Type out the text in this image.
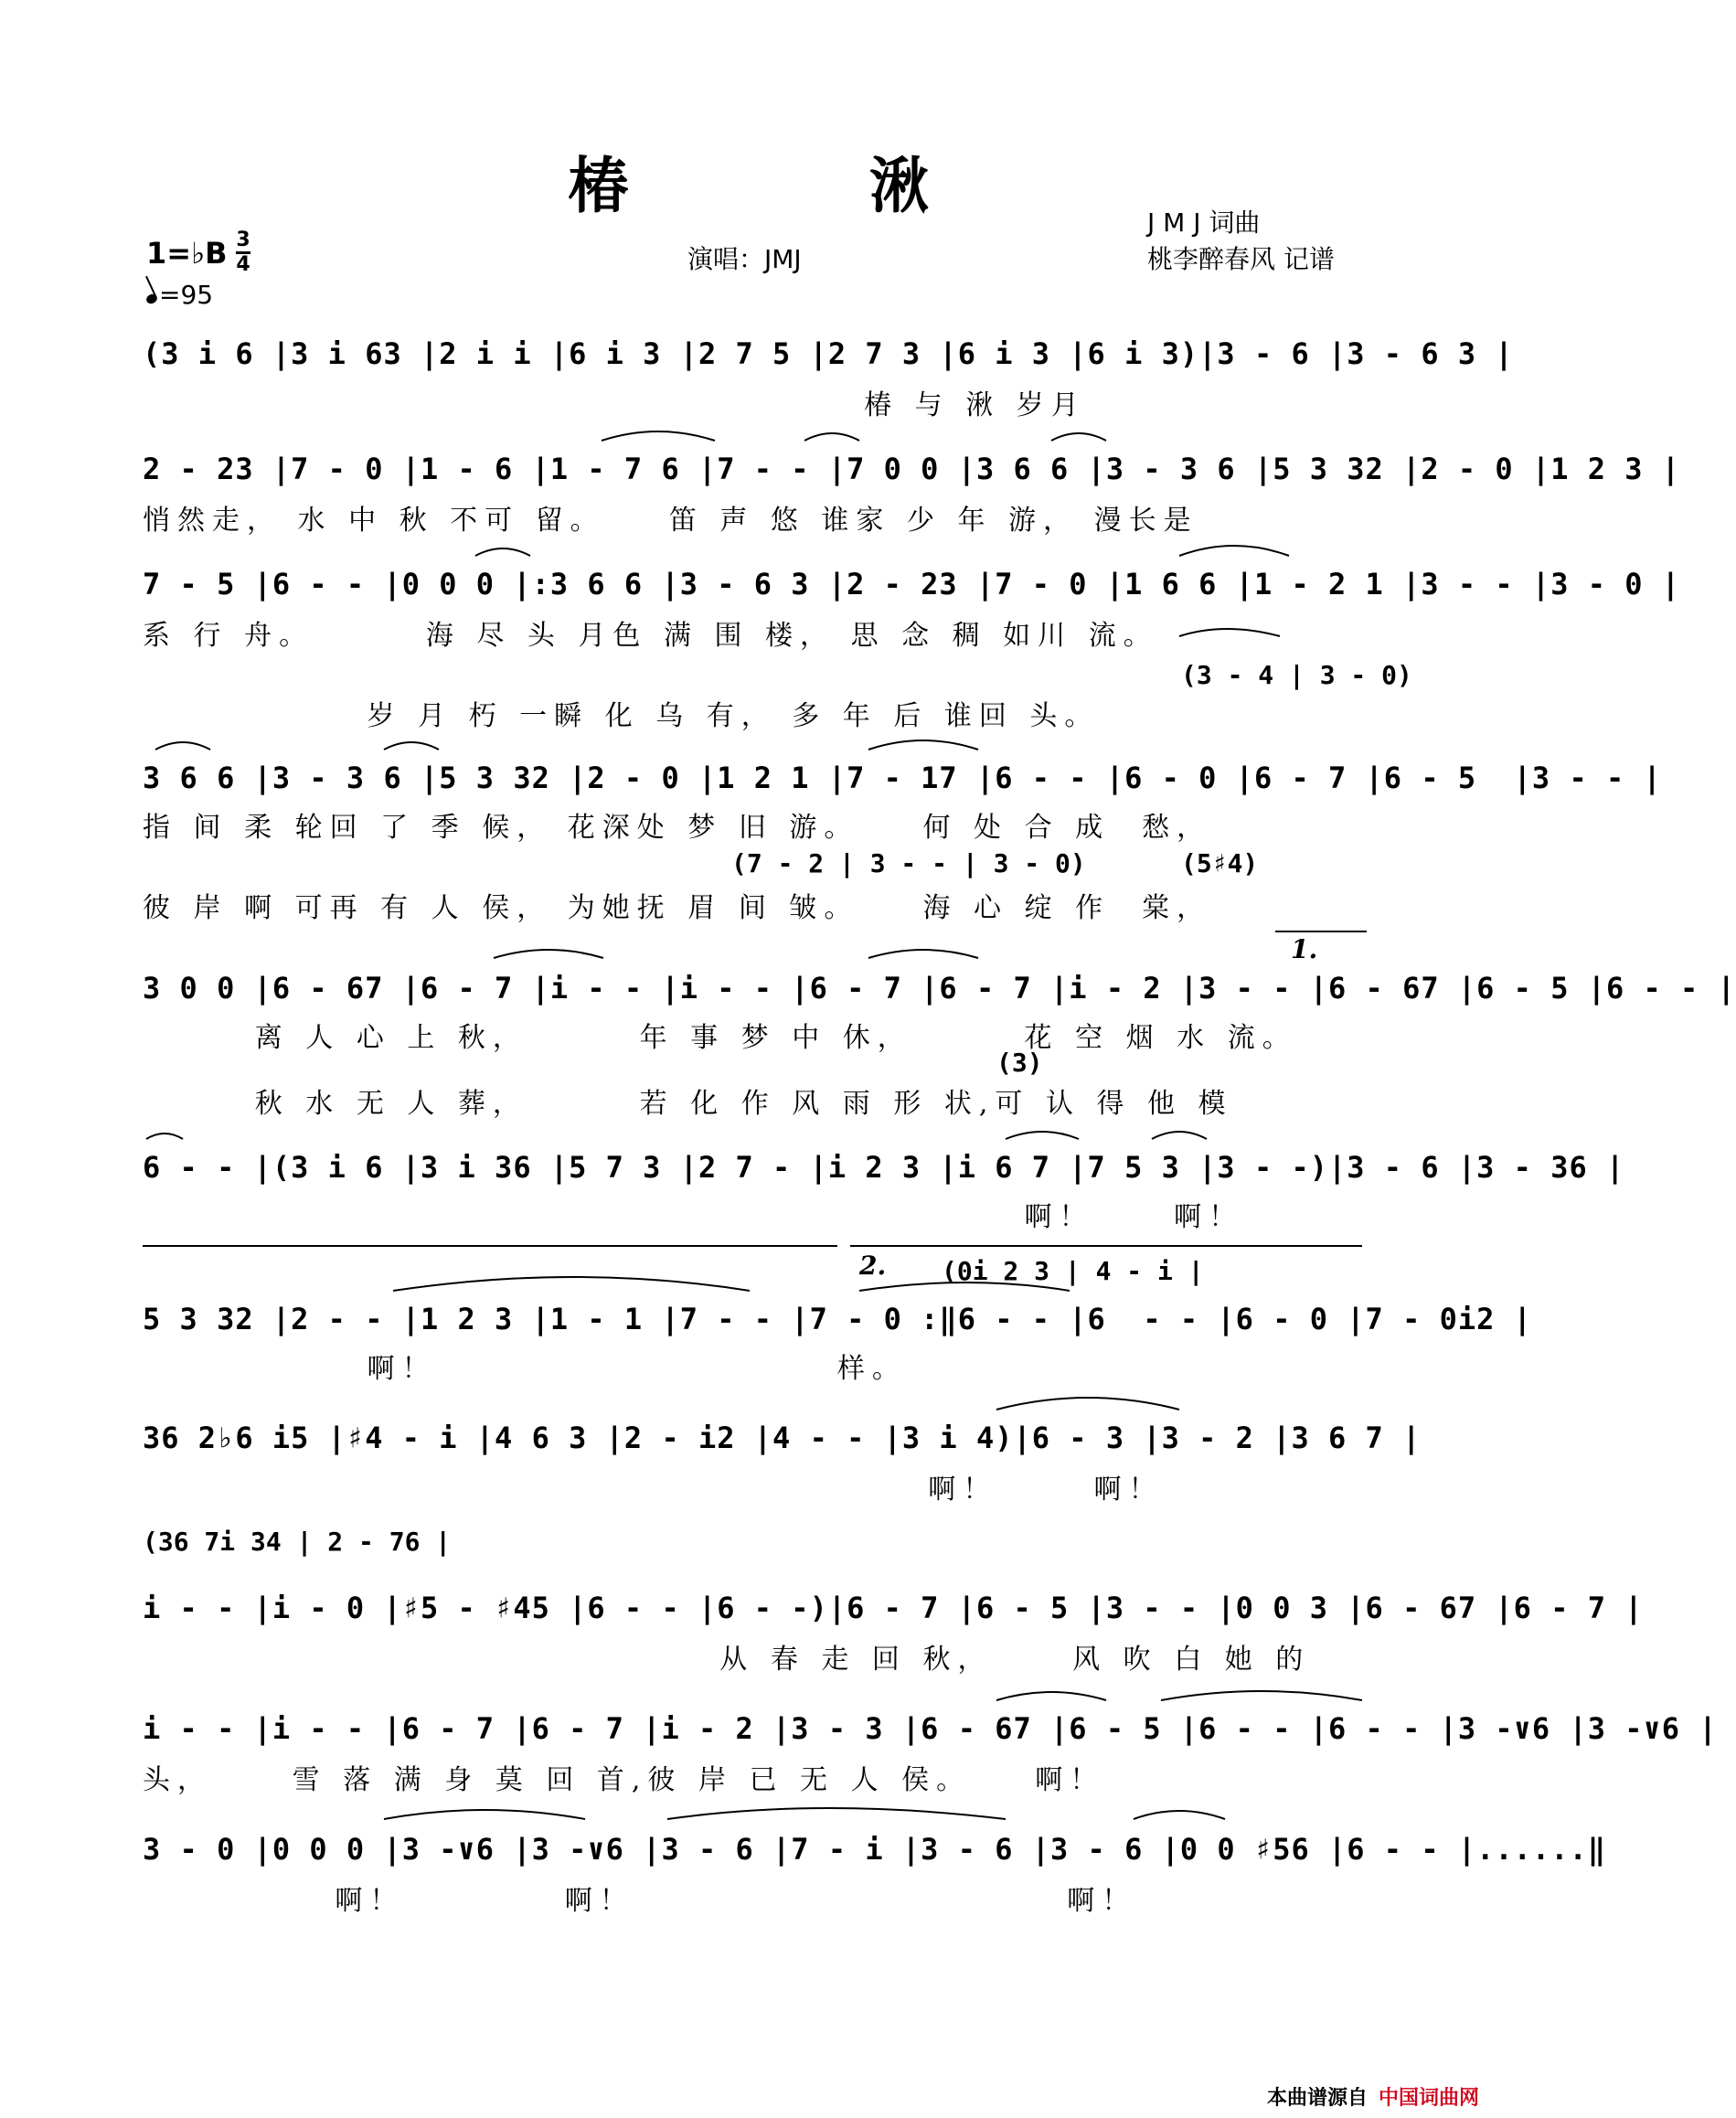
椿 湫
1=♭B 3
4
=95
演唱：JMJ
J M J 词曲
桃李醉春风 记谱
(3 i 6 |3 i 63 |2 i i |6 i 3 |2 7 5 |2 7 3 |6 i 3 |6 i 3)|3 - 6 |3 - 6 3 |
椿 与 湫 岁月
2 - 23 |7 - 0 |1 - 6 |1 - 7 6 |7 - - |7 0 0 |3 6 6 |3 - 3 6 |5 3 32 |2 - 0 |1 2 3 |
悄然走， 水 中 秋 不可 留。    笛 声 悠 谁家 少 年 游， 漫长是
7 - 5 |6 - - |0 0 0 |:3 6 6 |3 - 6 3 |2 - 23 |7 - 0 |1 6 6 |1 - 2 1 |3 - - |3 - 0 |
系 行 舟。       海 尽 头 月色 满 围 楼， 思 念 稠 如川 流。
(3 - 4 | 3 - 0)
岁 月 朽 一瞬 化 乌 有， 多 年 后 谁回 头。
3 6 6 |3 - 3 6 |5 3 32 |2 - 0 |1 2 1 |7 - 17 |6 - - |6 - 0 |6 - 7 |6 - 5  |3 - - |
指 间 柔 轮回 了 季 候， 花深处 梦 旧 游。    何 处 合 成  愁，
(7 - 2 | 3 - - | 3 - 0)	(5♯4)
彼 岸 啊 可再 有 人 侯， 为她抚 眉 间 皱。    海 心 绽 作  棠，
1.
3 0 0 |6 - 67 |6 - 7 |i - - |i - - |6 - 7 |6 - 7 |i - 2 |3 - - |6 - 67 |6 - 5 |6 - - |
离 人 心 上 秋，       年 事 梦 中 休，       花 空 烟 水 流。
(3)
秋 水 无 人 葬，       若 化 作 风 雨 形 状,可 认 得 他 模
6 - - |(3 i 6 |3 i 36 |5 7 3 |2 7 - |i 2 3 |i 6 7 |7 5 3 |3 - -)|3 - 6 |3 - 36 |
啊！     啊！
2. (0i 2 3 | 4 - i |
5 3 32 |2 - - |1 2 3 |1 - 1 |7 - - |7 - 0 :‖6 - - |6  - - |6 - 0 |7 - 0i2 |
啊！                         样。
36 2♭6 i5 |♯4 - i |4 6 3 |2 - i2 |4 - - |3 i 4)|6 - 3 |3 - 2 |3 6 7 |
啊！      啊！
(36 7i 34 | 2 - 76 |
i - - |i - 0 |♯5 - ♯45 |6 - - |6 - -)|6 - 7 |6 - 5 |3 - - |0 0 3 |6 - 67 |6 - 7 |
从 春 走 回 秋，     风 吹 白 她 的
i - - |i - - |6 - 7 |6 - 7 |i - 2 |3 - 3 |6 - 67 |6 - 5 |6 - - |6 - - |3 -∨6 |3 -∨6 |
头，     雪 落 满 身 莫 回 首,彼 岸 已 无 人 侯。    啊！
3 - 0 |0 0 0 |3 -∨6 |3 -∨6 |3 - 6 |7 - i |3 - 6 |3 - 6 |0 0 ♯56 |6 - - |......‖
啊！          啊！                           啊！
本曲谱源自 中国词曲网
